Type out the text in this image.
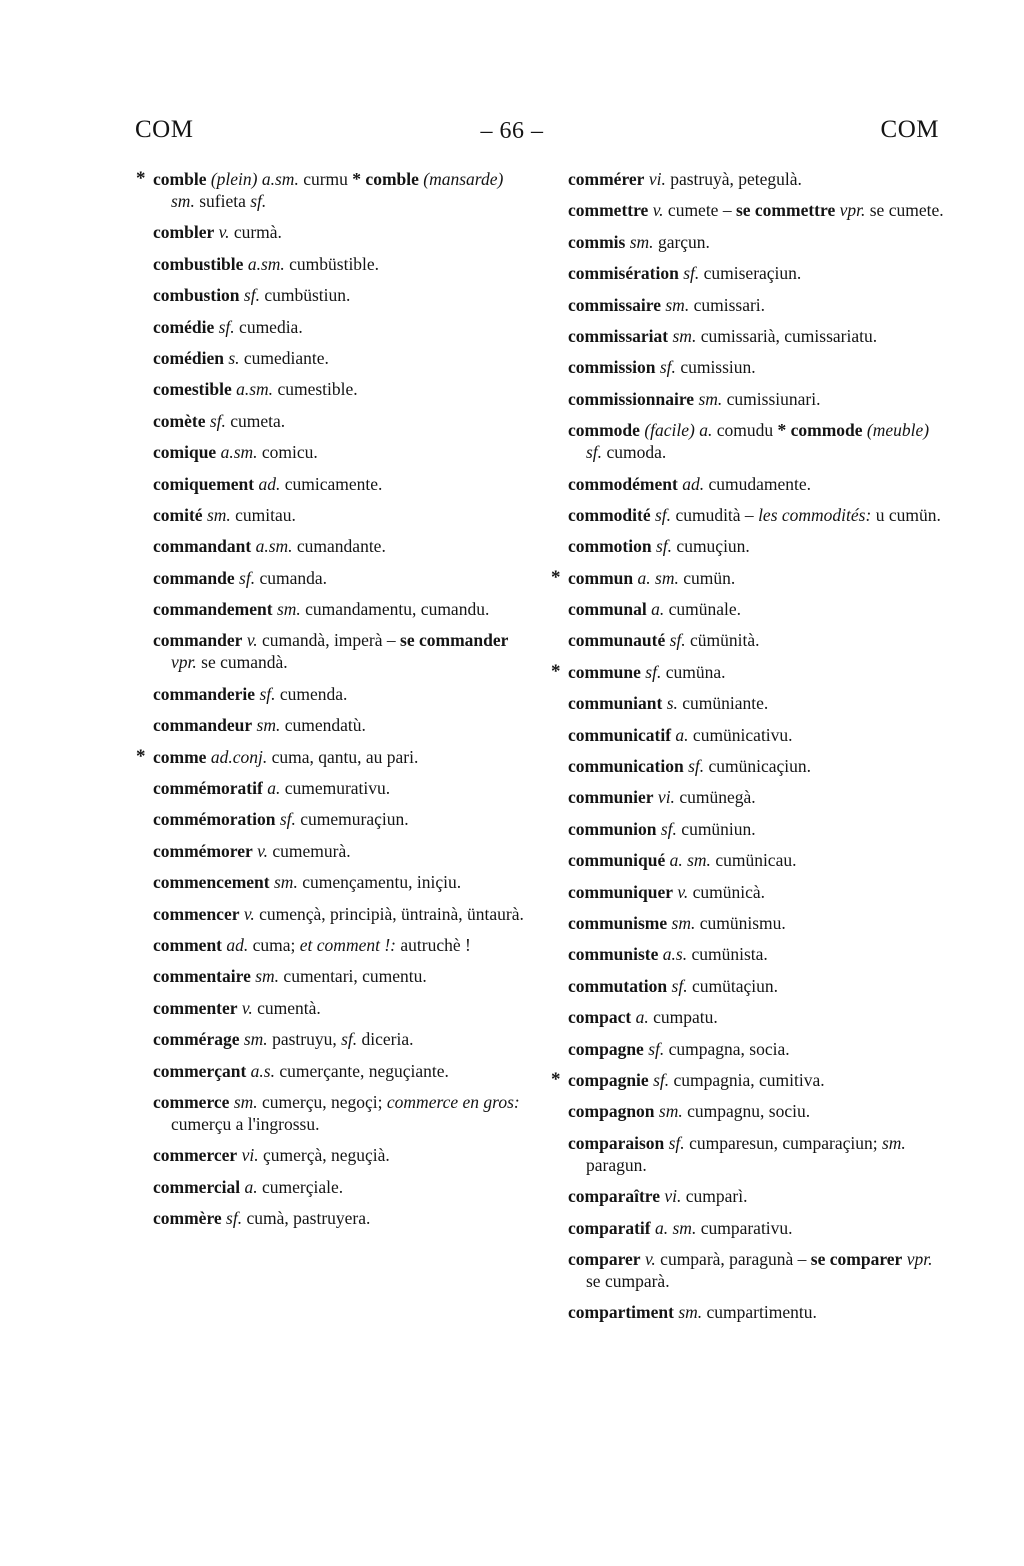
COM	– 66 –	COM
* comble (plein) a.sm. curmu * comble (mansarde) sm. sufieta sf.
combler v. curmà.
combustible a.sm. cumbüstible.
combustion sf. cumbüstiun.
comédie sf. cumedia.
comédien s. cumediante.
comestible a.sm. cumestible.
comète sf. cumeta.
comique a.sm. comicu.
comiquement ad. cumicamente.
comité sm. cumitau.
commandant a.sm. cumandante.
commande sf. cumanda.
commandement sm. cumandamentu, cumandu.
commander v. cumandà, imperà – se commander vpr. se cumandà.
commanderie sf. cumenda.
commandeur sm. cumendatù.
* comme ad.conj. cuma, qantu, au pari.
commémoratif a. cumemurativu.
commémoration sf. cumemuraçiun.
commémorer v. cumemurà.
commencement sm. cumençamentu, iniçiu.
commencer v. cumençà, principià, üntrainà, üntaurà.
comment ad. cuma; et comment !: autruchè !
commentaire sm. cumentari, cumentu.
commenter v. cumentà.
commérage sm. pastruyu, sf. diceria.
commerçant a.s. cumerçante, neguçiante.
commerce sm. cumerçu, negoçi; commerce en gros: cumerçu a l'ingrossu.
commercer vi. çumerçà, neguçià.
commercial a. cumerçiale.
commère sf. cumà, pastruyera.
commérer vi. pastruyà, petegulà.
commettre v. cumete – se commettre vpr. se cumete.
commis sm. garçun.
commisération sf. cumiseraçiun.
commissaire sm. cumissari.
commissariat sm. cumissarià, cumissariatu.
commission sf. cumissiun.
commissionnaire sm. cumissiunari.
commode (facile) a. comudu * commode (meuble) sf. cumoda.
commodément ad. cumudamente.
commodité sf. cumudità – les commodités: u cumün.
commotion sf. cumuçiun.
* commun a. sm. cumün.
communal a. cumünale.
communauté sf. cümünità.
* commune sf. cumüna.
communiant s. cumüniante.
communicatif a. cumünicativu.
communication sf. cumünicaçiun.
communier vi. cumünegà.
communion sf. cumüniun.
communiqué a. sm. cumünicau.
communiquer v. cumünicà.
communisme sm. cumünismu.
communiste a.s. cumünista.
commutation sf. cumütaçiun.
compact a. cumpatu.
compagne sf. cumpagna, socia.
* compagnie sf. cumpagnia, cumitiva.
compagnon sm. cumpagnu, sociu.
comparaison sf. cumparesun, cumparaçiun; sm. paragun.
comparaître vi. cumparì.
comparatif a. sm. cumparativu.
comparer v. cumparà, paragunà – se comparer vpr. se cumparà.
compartiment sm. cumpartimentu.
